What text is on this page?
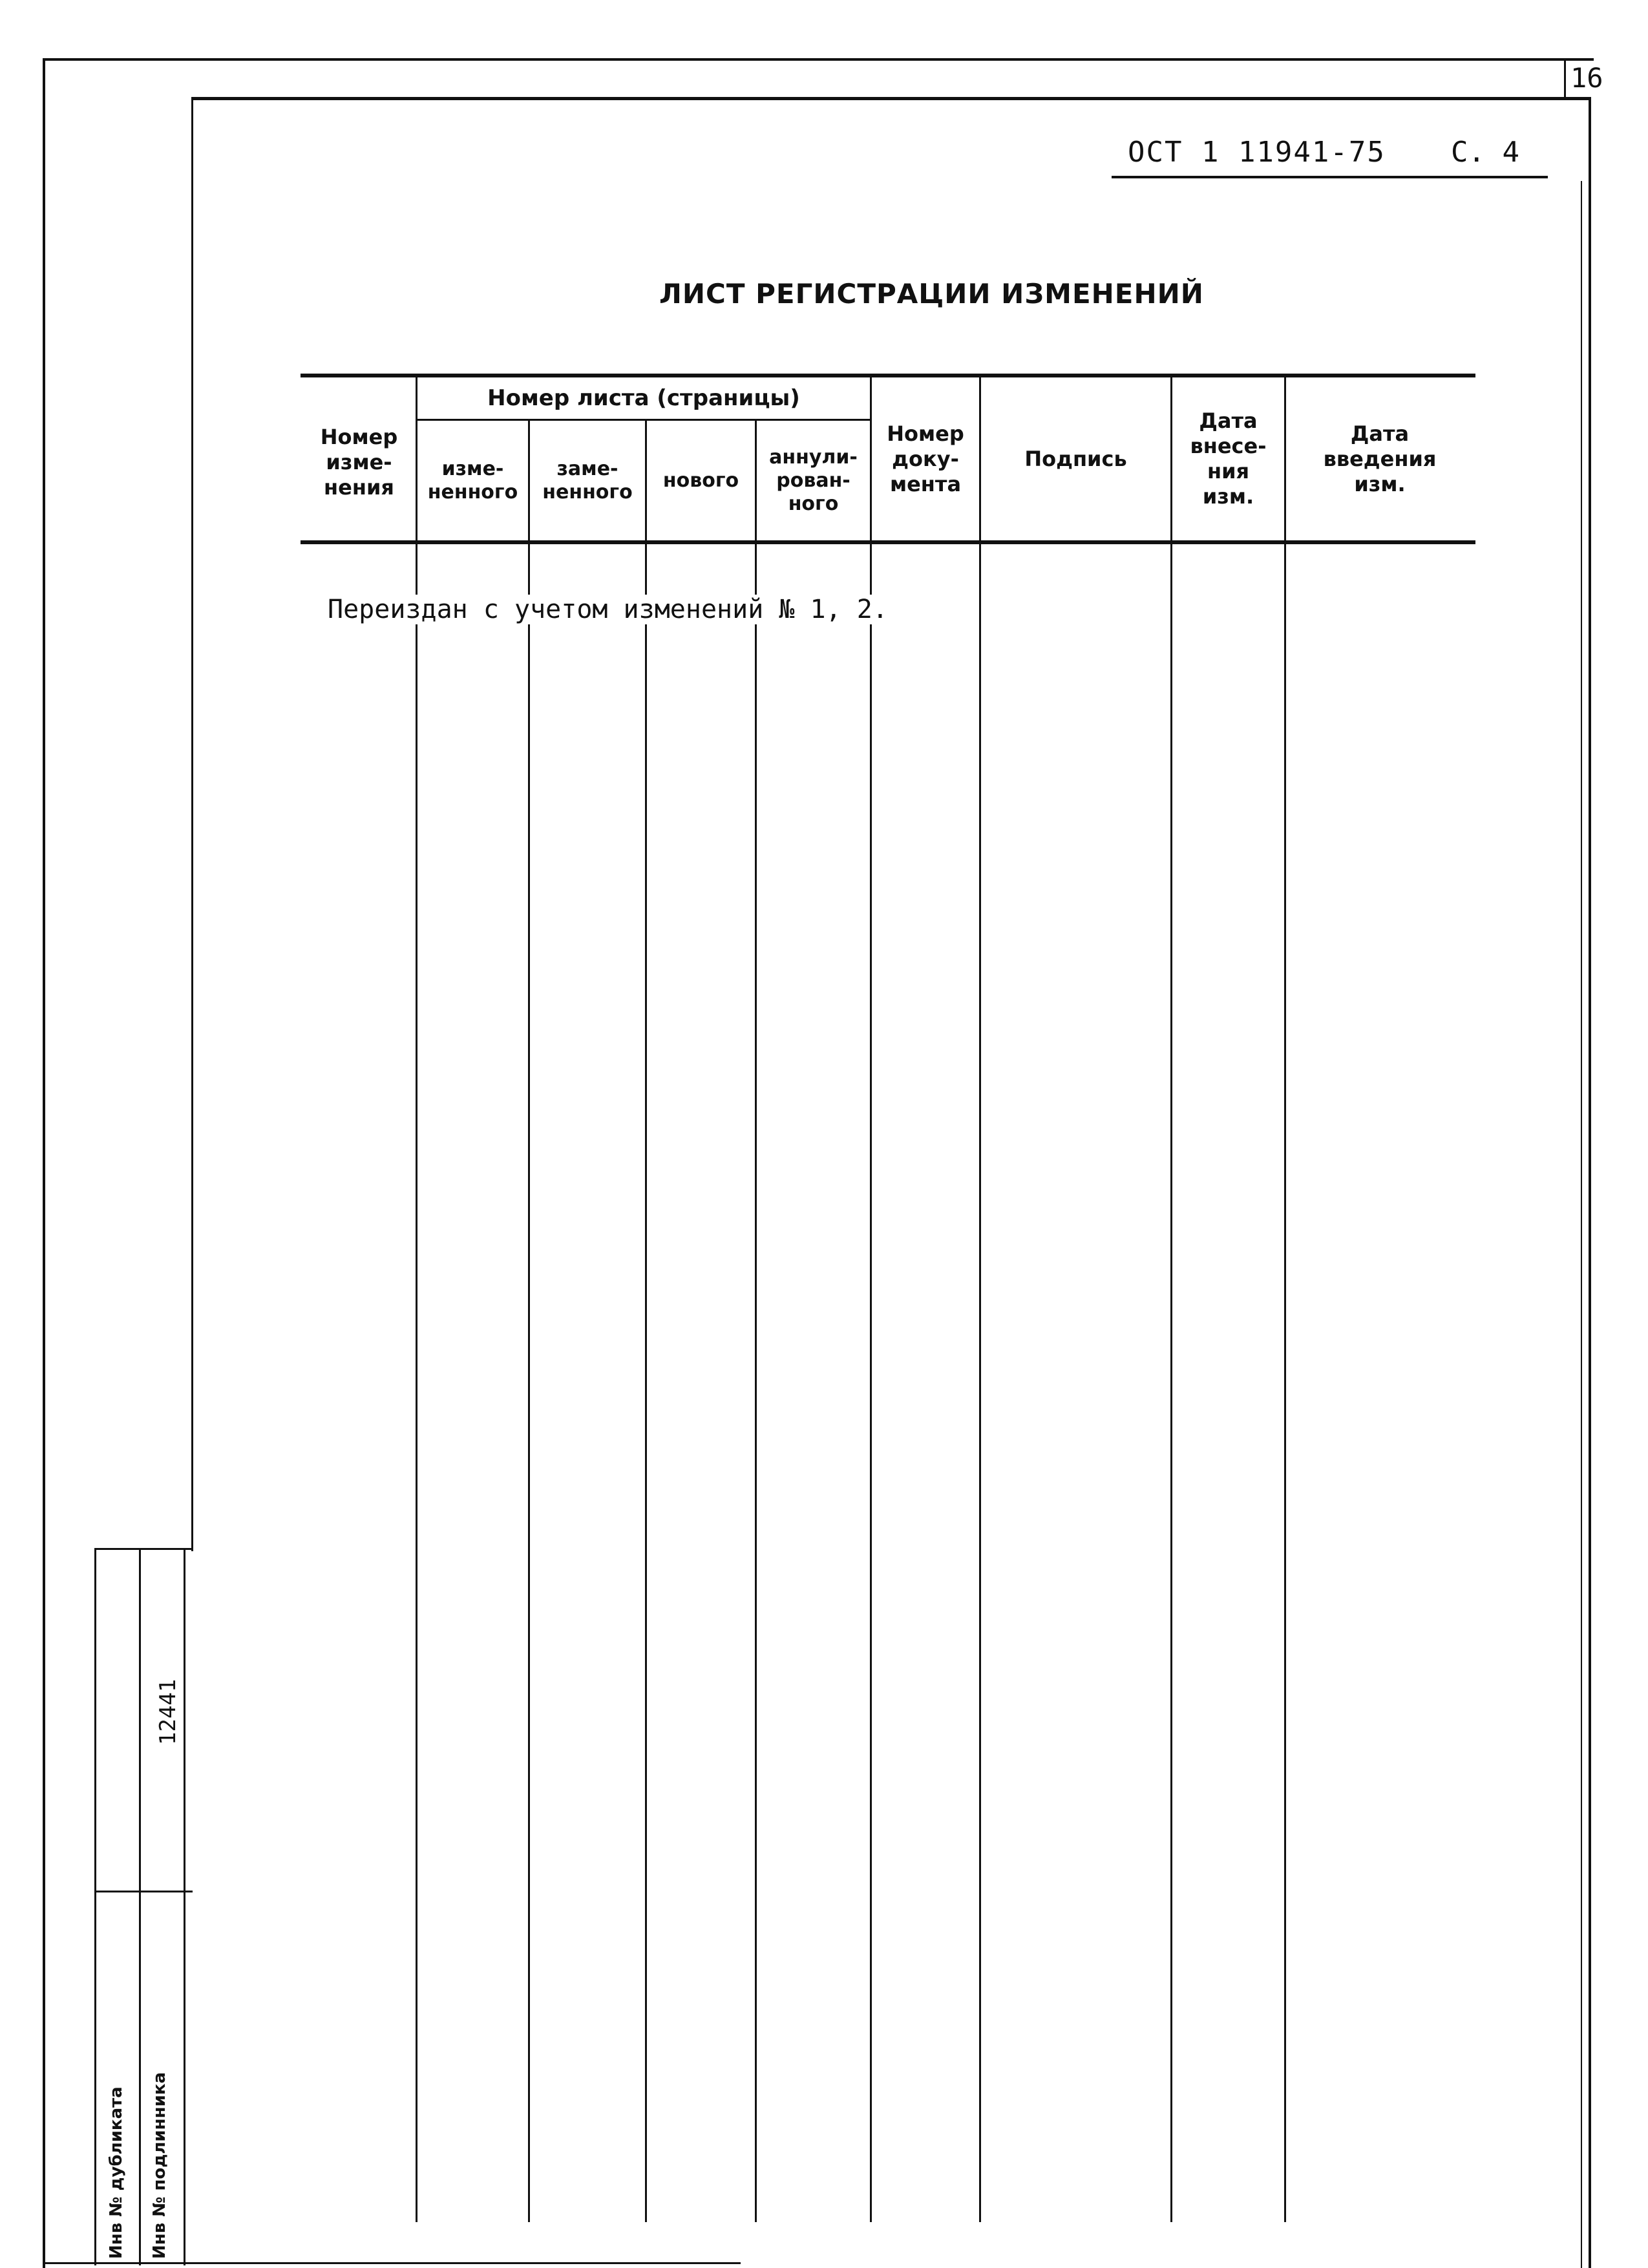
16
ОСТ 1 11941-75 С. 4
ЛИСТ РЕГИСТРАЦИИ ИЗМЕНЕНИЙ
Номер
изме-
нения
Номер листа (страницы)
изме-
ненного
заме-
ненного
нового
аннули-
рован-
ного
Номер
доку-
мента
Подпись
Дата
внесе-
ния
изм.
Дата
введения
изм.
Переиздан с учетом изменений № 1, 2.
Инв № дубликата Инв № подлинника
12441
